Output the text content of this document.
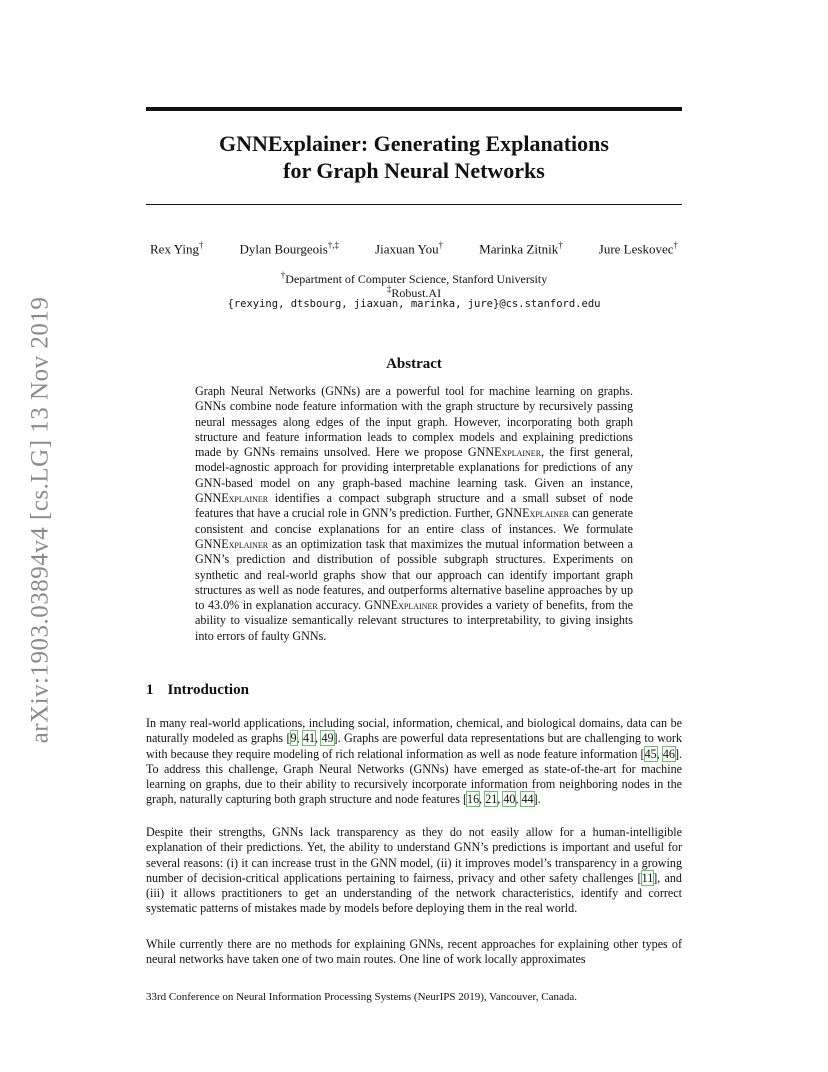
arXiv:1903.03894v4 [cs.LG] 13 Nov 2019
GNNExplainer: Generating Explanations
for Graph Neural Networks
Rex Ying†	Dylan Bourgeois†,‡	Jiaxuan You†	Marinka Zitnik†	Jure Leskovec†
†Department of Computer Science, Stanford University
‡Robust.AI
{rexying, dtsbourg, jiaxuan, marinka, jure}@cs.stanford.edu
Abstract
Graph Neural Networks (GNNs) are a powerful tool for machine learning on graphs. GNNs combine node feature information with the graph structure by recursively passing neural messages along edges of the input graph. However, incorporating both graph structure and feature information leads to complex models and explaining predictions made by GNNs remains unsolved. Here we propose GNNExplainer, the first general, model-agnostic approach for providing interpretable explanations for predictions of any GNN-based model on any graph-based machine learning task. Given an instance, GNNExplainer identifies a compact subgraph structure and a small subset of node features that have a crucial role in GNN’s prediction. Further, GNNExplainer can generate consistent and concise explanations for an entire class of instances. We formulate GNNExplainer as an optimization task that maximizes the mutual information between a GNN’s prediction and distribution of possible subgraph structures. Experiments on synthetic and real-world graphs show that our approach can identify important graph structures as well as node features, and outperforms alternative baseline approaches by up to 43.0% in explanation accuracy. GNNExplainer provides a variety of benefits, from the ability to visualize semantically relevant structures to interpretability, to giving insights into errors of faulty GNNs.
1 Introduction
In many real-world applications, including social, information, chemical, and biological domains, data can be naturally modeled as graphs [9, 41, 49]. Graphs are powerful data representations but are challenging to work with because they require modeling of rich relational information as well as node feature information [45, 46]. To address this challenge, Graph Neural Networks (GNNs) have emerged as state-of-the-art for machine learning on graphs, due to their ability to recursively incorporate information from neighboring nodes in the graph, naturally capturing both graph structure and node features [16, 21, 40, 44].
Despite their strengths, GNNs lack transparency as they do not easily allow for a human-intelligible explanation of their predictions. Yet, the ability to understand GNN’s predictions is important and useful for several reasons: (i) it can increase trust in the GNN model, (ii) it improves model’s transparency in a growing number of decision-critical applications pertaining to fairness, privacy and other safety challenges [11], and (iii) it allows practitioners to get an understanding of the network characteristics, identify and correct systematic patterns of mistakes made by models before deploying them in the real world.
While currently there are no methods for explaining GNNs, recent approaches for explaining other types of neural networks have taken one of two main routes. One line of work locally approximates
33rd Conference on Neural Information Processing Systems (NeurIPS 2019), Vancouver, Canada.
